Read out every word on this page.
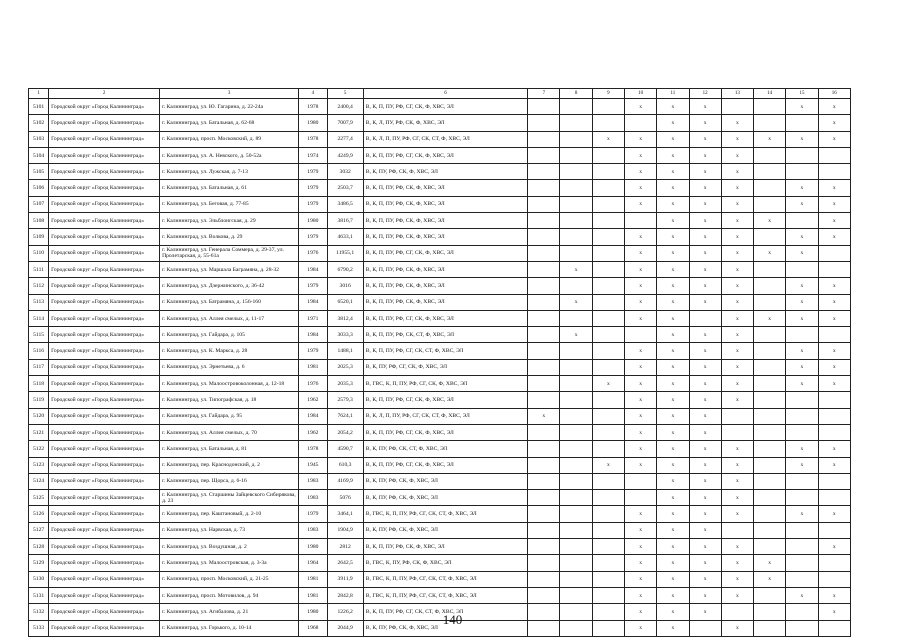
1	2	3	4	5	6	7	8	9	10	11	12	13	14	15	16
5101	Городской округ «Город Калининград»	г. Калининград, ул. Ю. Гагарина, д. 22-24а	1978	2400,4	В, К, П, ПУ, РФ, СГ, СК, Ф, ХВС, ЭЛ				x	x	x			x	x
5102	Городской округ «Город Калининград»	г. Калининград, ул. Батальная, д. 62-68	1980	7007,9	В, К, Л, ПУ, РФ, СК, Ф, ХВС, ЭЛ					x	x	x			x
5103	Городской округ «Город Калининград»	г. Калининград, просп. Московский, д. 89	1978	2277,4	В, К, Л, П, ПУ, РФ, СГ, СК, СТ, Ф, ХВС, ЭЛ			x	x	x	x	x	x	x	x
5104	Городской округ «Город Калининград»	г. Калининград, ул. А. Невского, д. 50-52а	1974	4249,9	В, К, П, ПУ, РФ, СГ, СК, Ф, ХВС, ЭЛ				x	x	x	x			
5105	Городской округ «Город Калининград»	г. Калининград, ул. Лужская, д. 7-13	1979	3032	В, К, ПУ, РФ, СК, Ф, ХВС, ЭЛ				x	x	x	x			
5106	Городской округ «Город Калининград»	г. Калининград, ул. Батальная, д. 61	1979	2503,7	В, К, П, ПУ, РФ, СК, Ф, ХВС, ЭЛ				x	x	x	x		x	x
5107	Городской округ «Город Калининград»	г. Калининград, ул. Беговая, д. 77-85	1979	3486,5	В, К, П, ПУ, РФ, СК, Ф, ХВС, ЭЛ				x	x	x	x		x	x
5108	Городской округ «Город Калининград»	г. Калининград, ул. Эльблонгская, д. 29	1980	3816,7	В, К, П, ПУ, РФ, СК, Ф, ХВС, ЭЛ					x	x	x	x		x
5109	Городской округ «Город Калининград»	г. Калининград, ул. Волкова, д. 29	1979	4633,1	В, К, П, ПУ, РФ, СК, Ф, ХВС, ЭЛ				x	x	x	x		x	x
5110	Городской округ «Город Калининград»	г. Калининград, ул. Генерала Соммера, д. 29-37, ул. Пролетарская, д. 55-61а	1976	11955,1	В, К, П, ПУ, РФ, СГ, СК, Ф, ХВС, ЭЛ				x	x	x	x	x	x	
5111	Городской округ «Город Калининград»	г. Калининград, ул. Маршала Баграмяна, д. 28-32	1984	6790,2	В, К, П, ПУ, РФ, СК, Ф, ХВС, ЭЛ		x		x	x	x	x			
5112	Городской округ «Город Калининград»	г. Калининград, ул. Дзержинского, д. 36-42	1979	3016	В, К, П, ПУ, РФ, СК, Ф, ХВС, ЭЛ				x	x	x	x		x	x
5113	Городской округ «Город Калининград»	г. Калининград, ул. Батрамяна, д. 156-160	1984	6520,1	В, К, П, ПУ, РФ, СК, Ф, ХВС, ЭЛ		x		x	x	x	x		x	x
5114	Городской округ «Город Калининград»	г. Калининград, ул. Аллея смелых, д. 11-17	1971	3812,4	В, К, П, ПУ, РФ, СГ, СК, Ф, ХВС, ЭЛ				x	x		x	x	x	x
5115	Городской округ «Город Калининград»	г. Калининград, ул. Гайдара, д. 105	1984	3033,3	В, К, П, ПУ, РФ, СК, СТ, Ф, ХВС, ЭЛ		x			x	x	x			
5116	Городской округ «Город Калининград»	г. Калининград, ул. К. Маркса, д. 28	1979	1488,1	В, К, П, ПУ, РФ, СГ, СК, СТ, Ф, ХВС, ЭЛ				x	x	x	x		x	x
5117	Городской округ «Город Калининград»	г. Калининград, ул. Эрнетьева, д. 6	1981	2025,3	В, К, ПУ, РФ, СГ, СК, Ф, ХВС, ЭЛ				x	x	x	x		x	x
5118	Городской округ «Город Калининград»	г. Калининград, ул. Малоостровоколонная, д. 12-18	1976	2035,3	В, ГВС, К, П, ПУ, РФ, СГ, СК, Ф, ХВС, ЭЛ			x	x	x	x	x		x	x
5119	Городской округ «Город Калининград»	г. Калининград, ул. Типографская, д. 18	1962	2579,3	В, К, П, ПУ, РФ, СГ, СК, Ф, ХВС, ЭЛ				x	x	x	x			
5120	Городской округ «Город Калининград»	г. Калининград, ул. Гайдара, д. 95	1984	7624,1	В, К, Л, П, ПУ, РФ, СГ, СК, СТ, Ф, ХВС, ЭЛ	x			x	x	x				
5121	Городской округ «Город Калининград»	г. Калининград, ул. Аллея смелых, д. 70	1962	2054,2	В, К, П, ПУ, РФ, СГ, СК, Ф, ХВС, ЭЛ				x	x	x				
5122	Городской округ «Город Калининград»	г. Калининград, ул. Батальная, д. 81	1978	4590,7	В, К, ПУ, РФ, СК, СТ, Ф, ХВС, ЭЛ				x	x	x	x		x	x
5123	Городской округ «Город Калининград»	г. Калининград, пер. Краснодонский, д. 2	1945	610,3	В, К, П, ПУ, РФ, СГ, СК, Ф, ХВС, ЭЛ			x	x	x	x	x		x	x
5124	Городской округ «Город Калининград»	г. Калининград, пер. Щорса, д. 6-16	1983	4169,9	В, К, ПУ, РФ, СК, Ф, ХВС, ЭЛ					x	x	x			
5125	Городской округ «Город Калининград»	г. Калининград, ул. Старшины Зайцевского Сибирякова, д. 23	1983	5076	В, К, ПУ, РФ, СК, Ф, ХВС, ЭЛ					x	x	x			
5126	Городской округ «Город Калининград»	г. Калининград, пер. Каштановый, д. 2-10	1979	3464,1	В, ГВС, К, П, ПУ, РФ, СГ, СК, СТ, Ф, ХВС, ЭЛ				x	x	x	x		x	x
5127	Городской округ «Город Калининград»	г. Калининград, ул. Нарвская, д. 73	1983	1904,9	В, К, ПУ, РФ, СК, Ф, ХВС, ЭЛ				x	x	x				
5128	Городской округ «Город Калининград»	г. Калининград, ул. Воздушная, д. 2	1980	2812	В, К, П, ПУ, РФ, СК, Ф, ХВС, ЭЛ				x	x	x	x			x
5129	Городской округ «Город Калининград»	г. Калининград, ул. Малоостровская, д. 3-3а	1964	2642,5	В, ГВС, К, ПУ, РФ, СК, Ф, ХВС, ЭЛ				x	x	x	x	x		
5130	Городской округ «Город Калининград»	г. Калининград, просп. Московский, д. 21-25	1981	3911,9	В, ГВС, К, П, ПУ, РФ, СГ, СК, СТ, Ф, ХВС, ЭЛ				x	x	x	x	x		
5131	Городской округ «Город Калининград»	г. Калининград, просп. Мотовилов, д. 94	1981	2842,8	В, ГВС, К, П, ПУ, РФ, СГ, СК, СТ, Ф, ХВС, ЭЛ				x	x	x	x		x	x
5132	Городской округ «Город Калининград»	г. Калининград, ул. Агибалова, д. 21	1980	1226,2	В, К, П, ПУ, РФ, СГ, СК, СТ, Ф, ХВС, ЭЛ				x	x	x				x
5133	Городской округ «Город Калининград»	г. Калининград, ул. Горького, д. 10-14	1968	2044,9	В, К, ПУ, РФ, СК, Ф, ХВС, ЭЛ				x	x		x			
140
